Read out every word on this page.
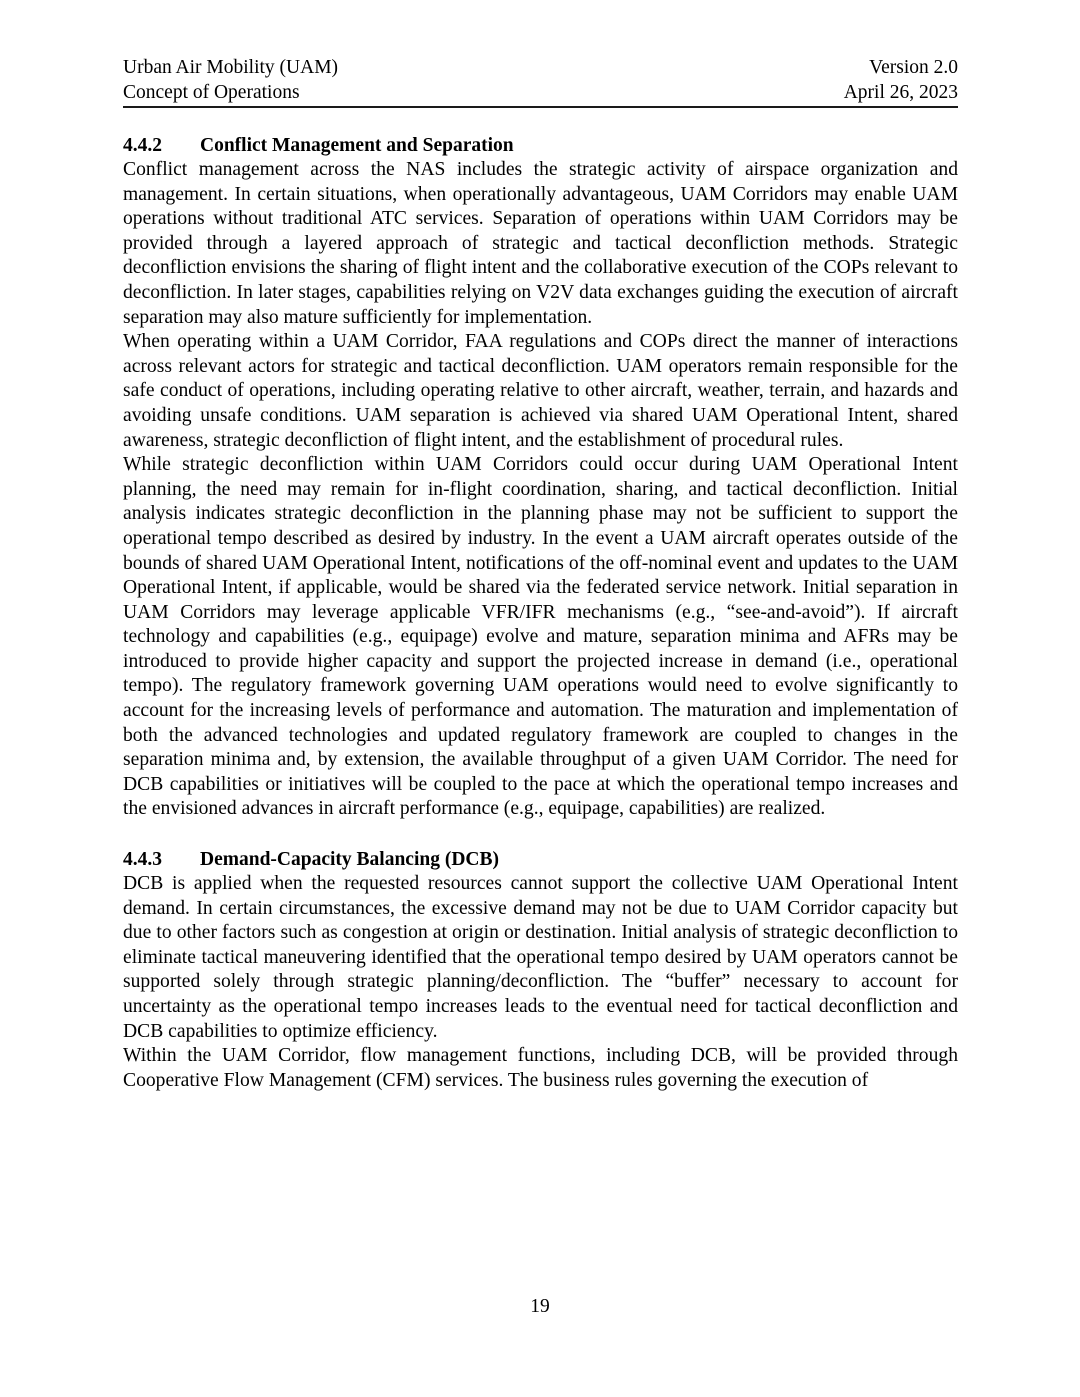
Urban Air Mobility (UAM)
Concept of Operations
Version 2.0
April 26, 2023
4.4.2	Conflict Management and Separation

Conflict management across the NAS includes the strategic activity of airspace organization and management. In certain situations, when operationally advantageous, UAM Corridors may enable UAM operations without traditional ATC services. Separation of operations within UAM Corridors may be provided through a layered approach of strategic and tactical deconfliction methods. Strategic deconfliction envisions the sharing of flight intent and the collaborative execution of the COPs relevant to deconfliction. In later stages, capabilities relying on V2V data exchanges guiding the execution of aircraft separation may also mature sufficiently for implementation.

When operating within a UAM Corridor, FAA regulations and COPs direct the manner of interactions across relevant actors for strategic and tactical deconfliction. UAM operators remain responsible for the safe conduct of operations, including operating relative to other aircraft, weather, terrain, and hazards and avoiding unsafe conditions. UAM separation is achieved via shared UAM Operational Intent, shared awareness, strategic deconfliction of flight intent, and the establishment of procedural rules.

While strategic deconfliction within UAM Corridors could occur during UAM Operational Intent planning, the need may remain for in-flight coordination, sharing, and tactical deconfliction. Initial analysis indicates strategic deconfliction in the planning phase may not be sufficient to support the operational tempo described as desired by industry. In the event a UAM aircraft operates outside of the bounds of shared UAM Operational Intent, notifications of the off-nominal event and updates to the UAM Operational Intent, if applicable, would be shared via the federated service network. Initial separation in UAM Corridors may leverage applicable VFR/IFR mechanisms (e.g., “see-and-avoid”). If aircraft technology and capabilities (e.g., equipage) evolve and mature, separation minima and AFRs may be introduced to provide higher capacity and support the projected increase in demand (i.e., operational tempo). The regulatory framework governing UAM operations would need to evolve significantly to account for the increasing levels of performance and automation. The maturation and implementation of both the advanced technologies and updated regulatory framework are coupled to changes in the separation minima and, by extension, the available throughput of a given UAM Corridor. The need for DCB capabilities or initiatives will be coupled to the pace at which the operational tempo increases and the envisioned advances in aircraft performance (e.g., equipage, capabilities) are realized.

4.4.3	Demand-Capacity Balancing (DCB)

DCB is applied when the requested resources cannot support the collective UAM Operational Intent demand. In certain circumstances, the excessive demand may not be due to UAM Corridor capacity but due to other factors such as congestion at origin or destination. Initial analysis of strategic deconfliction to eliminate tactical maneuvering identified that the operational tempo desired by UAM operators cannot be supported solely through strategic planning/deconfliction. The “buffer” necessary to account for uncertainty as the operational tempo increases leads to the eventual need for tactical deconfliction and DCB capabilities to optimize efficiency.

Within the UAM Corridor, flow management functions, including DCB, will be provided through Cooperative Flow Management (CFM) services. The business rules governing the execution of

19
